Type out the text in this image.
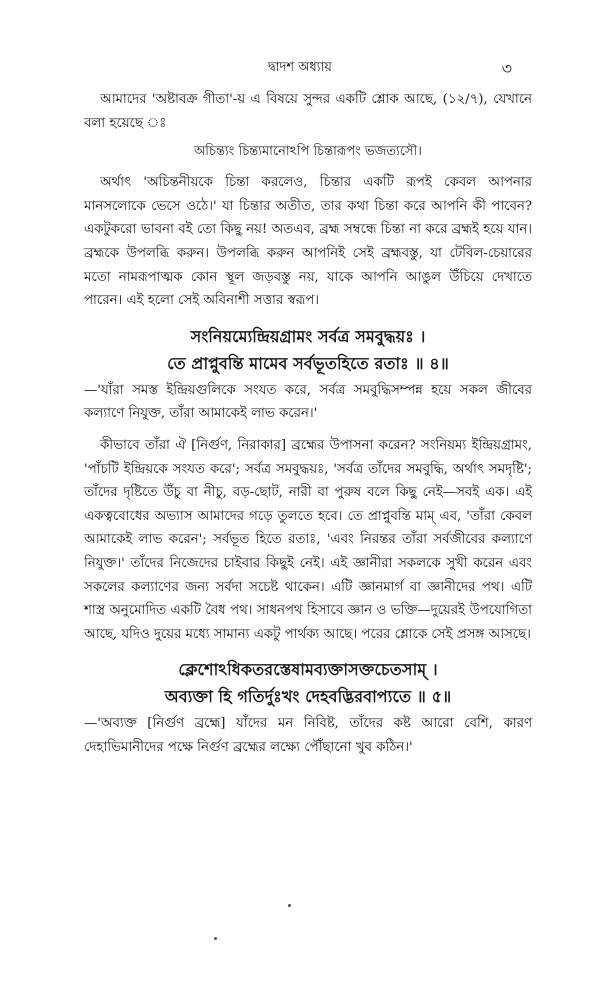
দ্বাদশ অধ্যায়	৩

আমাদের 'অষ্টাবক্র গীতা'-য় এ বিষয়ে সুন্দর একটি শ্লোক আছে, (১২/৭), যেখানে বলা হয়েছে ঃ

অচিন্ত্যং চিন্ত্যমানোঽপি চিন্তারূপং ভজত্যসৌ।

অর্থাৎ 'অচিন্তনীয়কে চিন্তা করলেও, চিন্তার একটি রূপই কেবল আপনার মানসলোকে ভেসে ওঠে।' যা চিন্তার অতীত, তার কথা চিন্তা করে আপনি কী পাবেন? একটুকরো ভাবনা বই তো কিছু নয়! অতএব, ব্রহ্ম সম্বন্ধে চিন্তা না করে ব্রহ্মই হয়ে যান। ব্রহ্মকে উপলব্ধি করুন। উপলব্ধি করুন আপনিই সেই ব্রহ্মবস্তু, যা টেবিল-চেয়ারের মতো নামরূপাত্মক কোন স্থূল জড়বস্তু নয়, যাকে আপনি আঙুল উঁচিয়ে দেখাতে পারেন। এই হলো সেই অবিনাশী সত্তার স্বরূপ।

সংনিয়ম্যেন্দ্রিয়গ্রামং সর্বত্র সমবুদ্ধয়ঃ ।
তে প্রাপ্নুবন্তি মামেব সর্বভূতহিতে রতাঃ ॥ ৪॥

—'যাঁরা সমস্ত ইন্দ্রিয়গুলিকে সংযত করে, সর্বত্র সমবুদ্ধিসম্পন্ন হয়ে সকল জীবের কল্যাণে নিযুক্ত, তাঁরা আমাকেই লাভ করেন।'

কীভাবে তাঁরা ঐ [নির্গুণ, নিরাকার] ব্রহ্মের উপাসনা করেন? সংনিয়ম্য ইন্দ্রিয়গ্রামং, 'পাঁচটি ইন্দ্রিয়কে সংযত করে'; সর্বত্র সমবুদ্ধয়ঃ, 'সর্বত্র তাঁদের সমবুদ্ধি, অর্থাৎ সমদৃষ্টি'; তাঁদের দৃষ্টিতে উঁচু বা নীচু, বড়-ছোট, নারী বা পুরুষ বলে কিছু নেই—সবই এক। এই একত্ববোধের অভ্যাস আমাদের গড়ে তুলতে হবে। তে প্রাপ্নুবন্তি মাম্ এব, 'তাঁরা কেবল আমাকেই লাভ করেন'; সর্বভূত হিতে রতাঃ, 'এবং নিরন্তর তাঁরা সর্বজীবের কল্যাণে নিযুক্ত।' তাঁদের নিজেদের চাইবার কিছুই নেই। এই জ্ঞানীরা সকলকে সুখী করেন এবং সকলের কল্যাণের জন্য সর্বদা সচেষ্ট থাকেন। এটি জ্ঞানমার্গ বা জ্ঞানীদের পথ। এটি শাস্ত্র অনুমোদিত একটি বৈধ পথ। সাধনপথ হিসাবে জ্ঞান ও ভক্তি—দুয়েরই উপযোগিতা আছে, যদিও দুয়ের মধ্যে সামান্য একটু পার্থক্য আছে। পরের শ্লোকে সেই প্রসঙ্গ আসছে।

ক্লেশোঽধিকতরস্তেষামব্যক্তাসক্তচেতসাম্ ।
অব্যক্তা হি গতির্দুঃখং দেহবদ্ভিরবাপ্যতে ॥ ৫॥

—'অব্যক্ত [নির্গুণ ব্রহ্মে] যাঁদের মন নিবিষ্ট, তাঁদের কষ্ট আরো বেশি, কারণ দেহাভিমানীদের পক্ষে নির্গুণ ব্রহ্মের লক্ষ্যে পৌঁছানো খুব কঠিন।'
